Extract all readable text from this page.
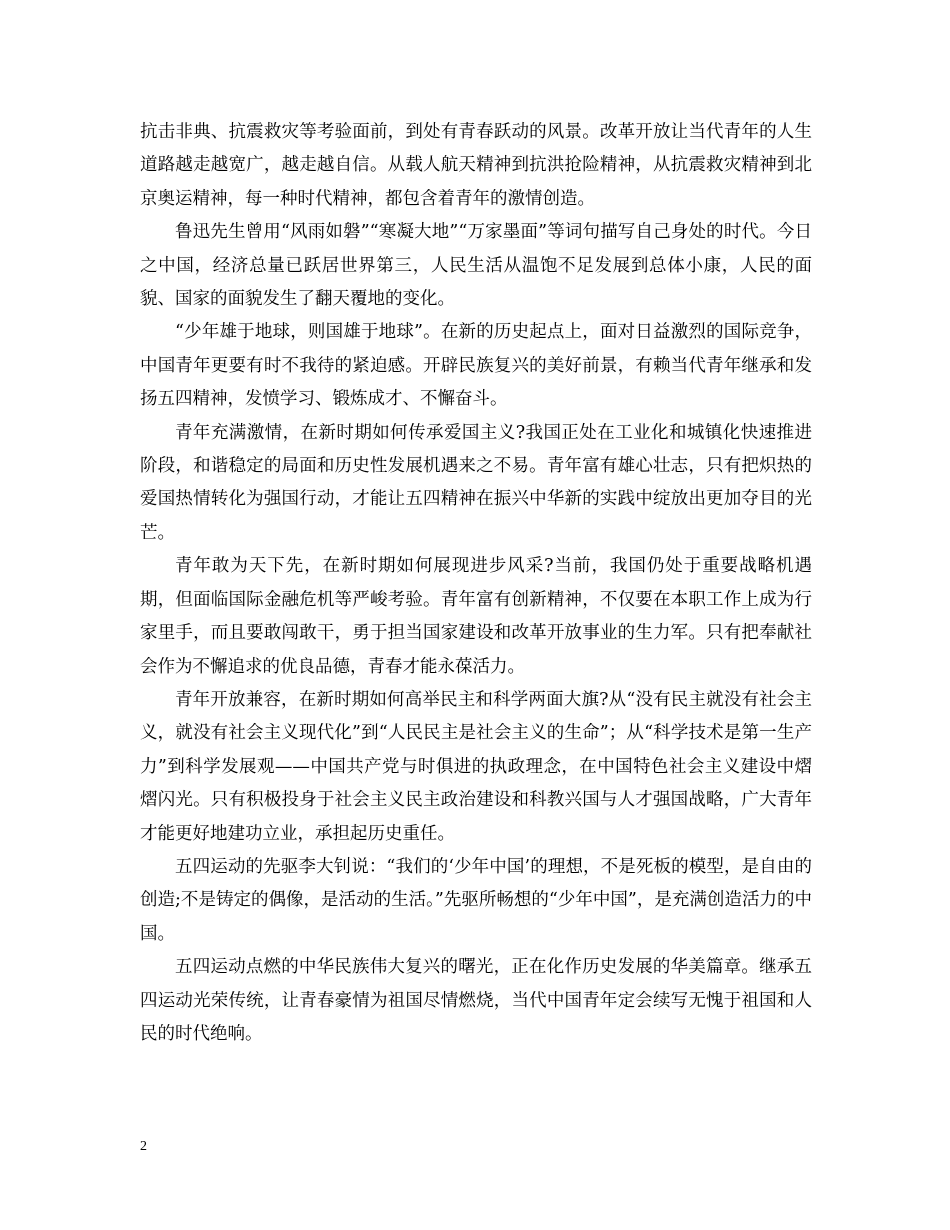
抗击非典、抗震救灾等考验面前，到处有青春跃动的风景。改革开放让当代青年的人生道路越走越宽广，越走越自信。从载人航天精神到抗洪抢险精神，从抗震救灾精神到北京奥运精神，每一种时代精神，都包含着青年的激情创造。

鲁迅先生曾用“风雨如磐”“寒凝大地”“万家墨面”等词句描写自己身处的时代。今日之中国，经济总量已跃居世界第三，人民生活从温饱不足发展到总体小康，人民的面貌、国家的面貌发生了翻天覆地的变化。

“少年雄于地球，则国雄于地球”。在新的历史起点上，面对日益激烈的国际竞争，中国青年更要有时不我待的紧迫感。开辟民族复兴的美好前景，有赖当代青年继承和发扬五四精神，发愤学习、锻炼成才、不懈奋斗。

青年充满激情，在新时期如何传承爱国主义?我国正处在工业化和城镇化快速推进阶段，和谐稳定的局面和历史性发展机遇来之不易。青年富有雄心壮志，只有把炽热的爱国热情转化为强国行动，才能让五四精神在振兴中华新的实践中绽放出更加夺目的光芒。

青年敢为天下先，在新时期如何展现进步风采?当前，我国仍处于重要战略机遇期，但面临国际金融危机等严峻考验。青年富有创新精神，不仅要在本职工作上成为行家里手，而且要敢闯敢干，勇于担当国家建设和改革开放事业的生力军。只有把奉献社会作为不懈追求的优良品德，青春才能永葆活力。

青年开放兼容，在新时期如何高举民主和科学两面大旗?从“没有民主就没有社会主义，就没有社会主义现代化”到“人民民主是社会主义的生命”；从“科学技术是第一生产力”到科学发展观——中国共产党与时俱进的执政理念，在中国特色社会主义建设中熠熠闪光。只有积极投身于社会主义民主政治建设和科教兴国与人才强国战略，广大青年才能更好地建功立业，承担起历史重任。

五四运动的先驱李大钊说：“我们的‘少年中国’的理想，不是死板的模型，是自由的创造;不是铸定的偶像，是活动的生活。”先驱所畅想的“少年中国”，是充满创造活力的中国。

五四运动点燃的中华民族伟大复兴的曙光，正在化作历史发展的华美篇章。继承五四运动光荣传统，让青春豪情为祖国尽情燃烧，当代中国青年定会续写无愧于祖国和人民的时代绝响。

2
